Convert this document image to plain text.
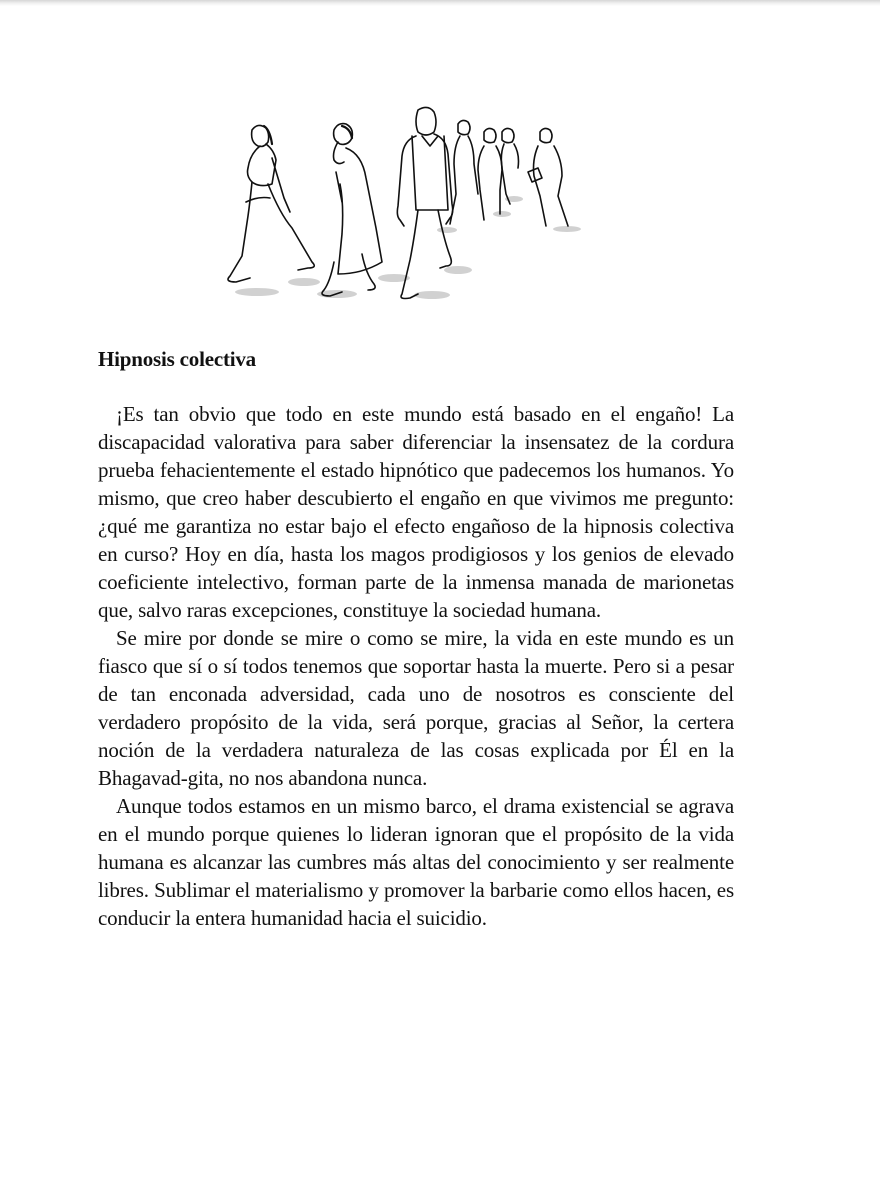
Hipnosis colectiva

¡Es tan obvio que todo en este mundo está basado en el engaño! La discapacidad valorativa para saber diferenciar la insensatez de la cordura prueba fehacientemente el estado hipnótico que padecemos los humanos. Yo mismo, que creo haber descubierto el engaño en que vivimos me pregunto: ¿qué me garantiza no estar bajo el efecto engañoso de la hipnosis colectiva en curso? Hoy en día, hasta los magos prodigiosos y los genios de elevado coeficiente intelectivo, forman parte de la inmensa manada de marionetas que, salvo raras excepciones, constituye la sociedad humana.

Se mire por donde se mire o como se mire, la vida en este mundo es un fiasco que sí o sí todos tenemos que soportar hasta la muerte. Pero si a pesar de tan enconada adversidad, cada uno de nosotros es consciente del verdadero propósito de la vida, será porque, gracias al Señor, la certera noción de la verdadera naturaleza de las cosas explicada por Él en la Bhagavad-gita, no nos abandona nunca.

Aunque todos estamos en un mismo barco, el drama existencial se agrava en el mundo porque quienes lo lideran ignoran que el propósito de la vida humana es alcanzar las cumbres más altas del conocimiento y ser realmente libres. Sublimar el materialismo y promover la barbarie como ellos hacen, es conducir la entera humanidad hacia el suicidio.
